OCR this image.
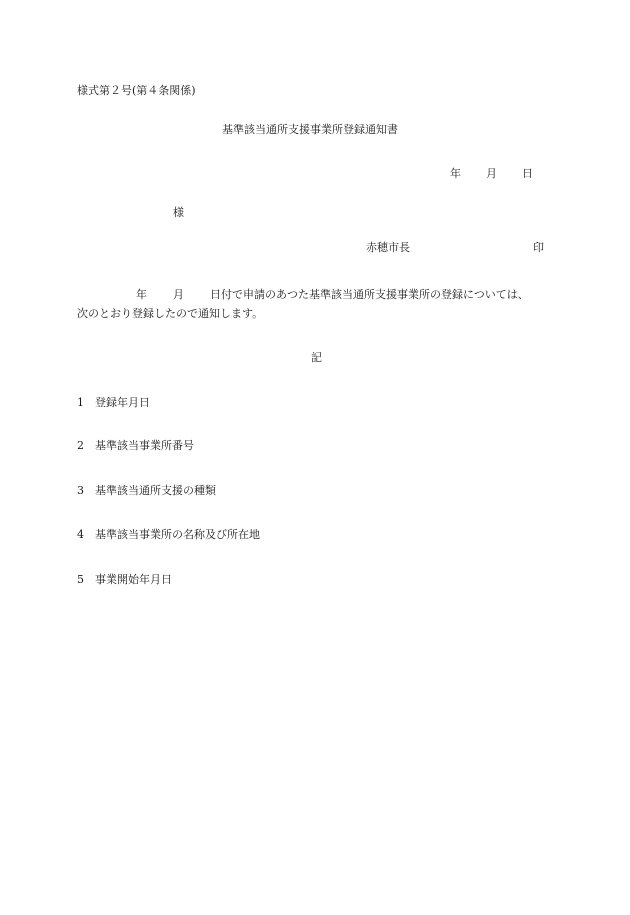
様式第２号(第４条関係)
基準該当通所支援事業所登録通知書
年 月 日
様
赤穂市長	印
年 月 日付で申請のあつた基準該当通所支援事業所の登録については、
次のとおり登録したので通知します。
記
1 登録年月日
2 基準該当事業所番号
3 基準該当通所支援の種類
4 基準該当事業所の名称及び所在地
5 事業開始年月日
